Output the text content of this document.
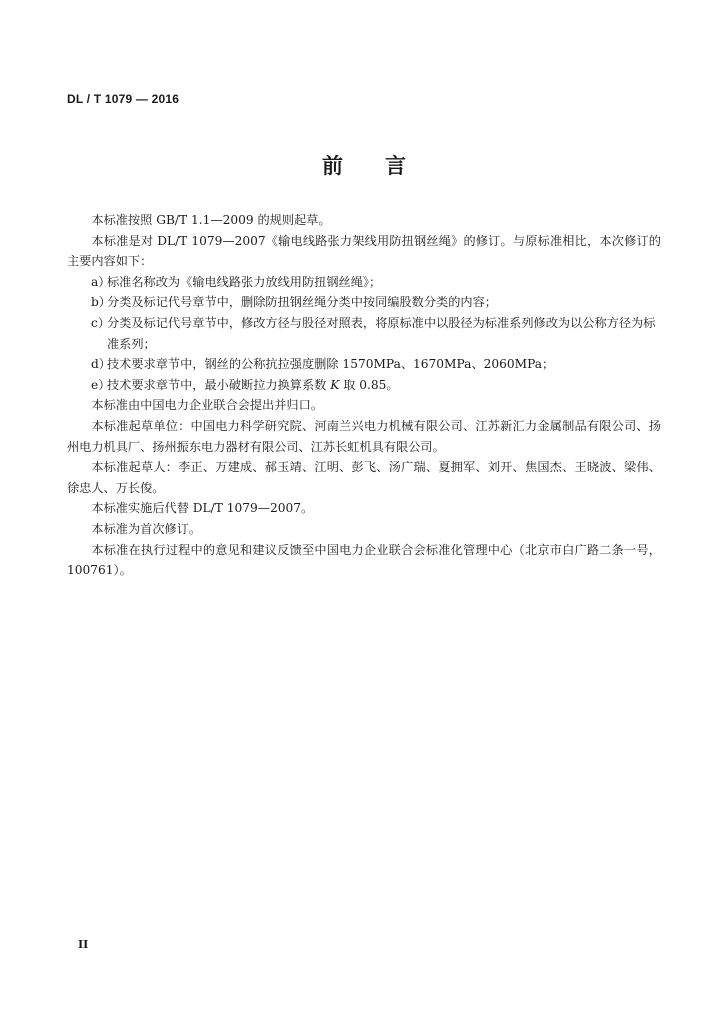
DL / T 1079 — 2016
前 言

本标准按照 GB/T 1.1—2009 的规则起草。

本标准是对 DL/T 1079—2007《输电线路张力架线用防扭钢丝绳》的修订。与原标准相比，本次修订的主要内容如下：

a）
标准名称改为《输电线路张力放线用防扭钢丝绳》；
b）
分类及标记代号章节中，删除防扭钢丝绳分类中按同编股数分类的内容；
c）
分类及标记代号章节中，修改方径与股径对照表，将原标准中以股径为标准系列修改为以公称方径为标准系列；
d）
技术要求章节中，钢丝的公称抗拉强度删除 1570MPa、1670MPa、2060MPa；
e）
技术要求章节中，最小破断拉力换算系数 K 取 0.85。

本标准由中国电力企业联合会提出并归口。

本标准起草单位：中国电力科学研究院、河南兰兴电力机械有限公司、江苏新汇力金属制品有限公司、扬州电力机具厂、扬州振东电力器材有限公司、江苏长虹机具有限公司。

本标准起草人：李正、万建成、郝玉靖、江明、彭飞、汤广瑞、夏拥军、刘开、焦国杰、王晓波、梁伟、徐忠人、万长俊。

本标准实施后代替 DL/T 1079—2007。

本标准为首次修订。

本标准在执行过程中的意见和建议反馈至中国电力企业联合会标准化管理中心（北京市白广路二条一号，100761）。

II
